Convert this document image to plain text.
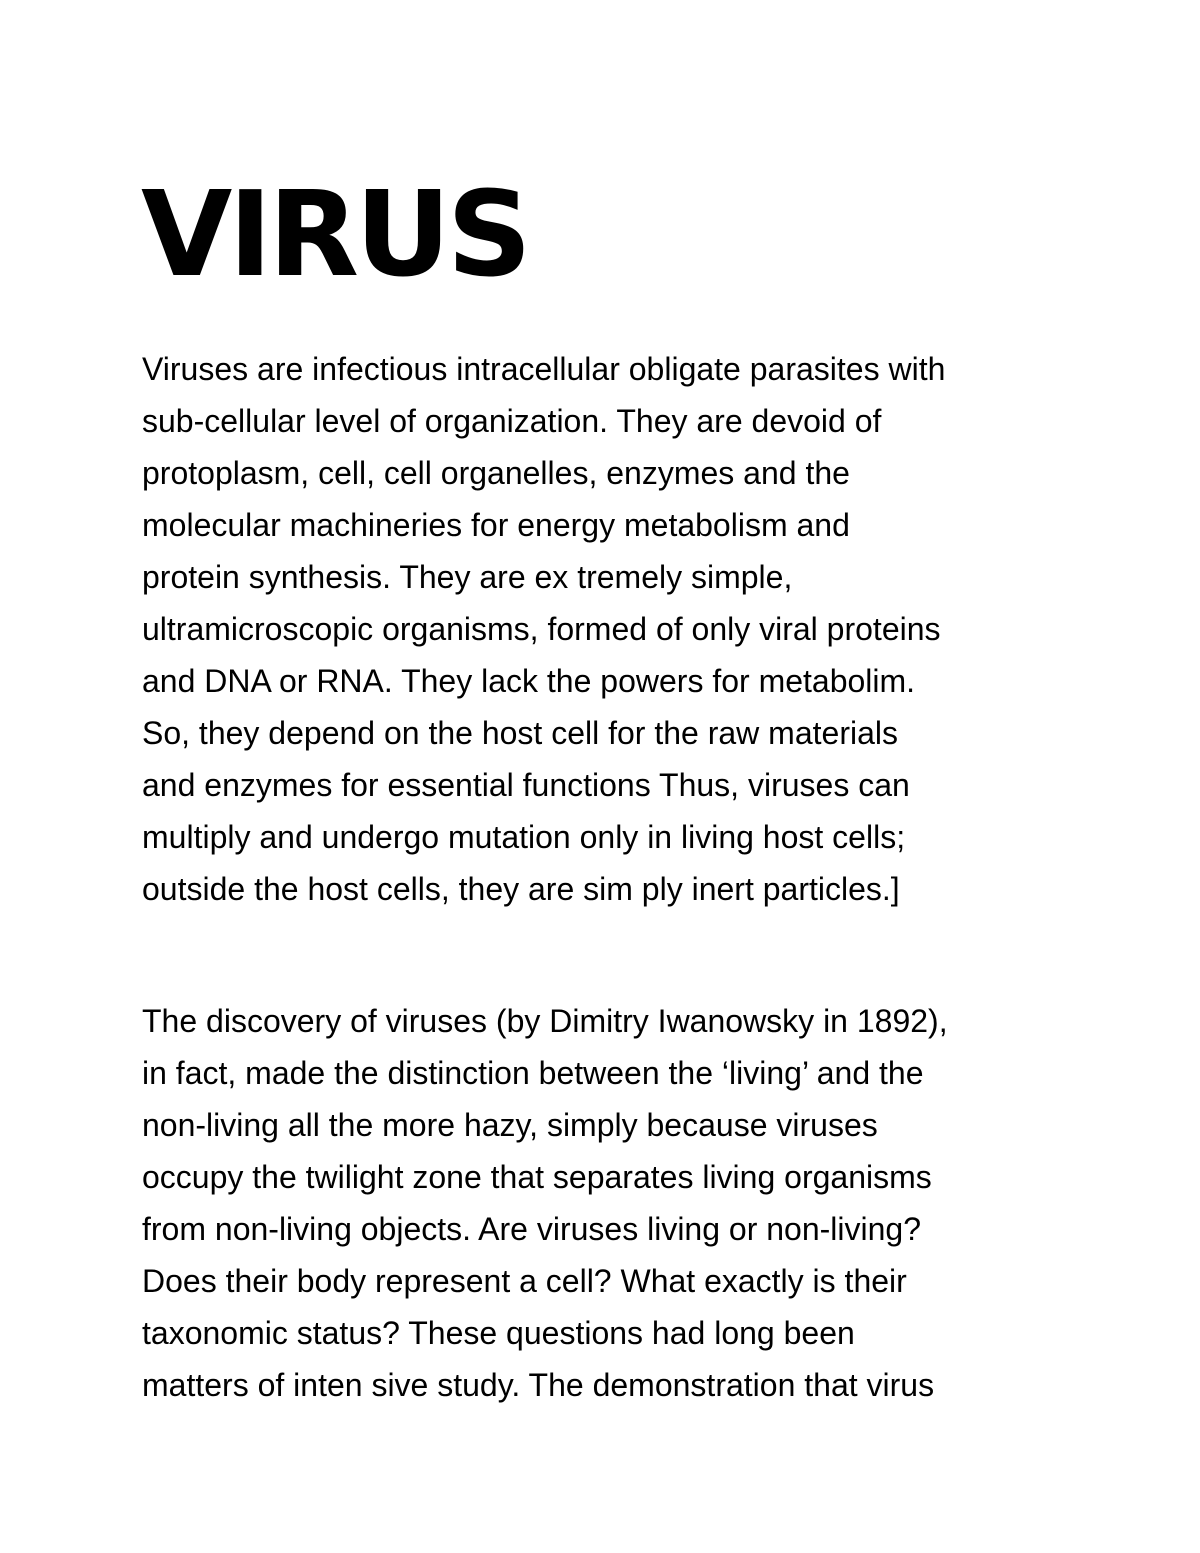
VIRUS

Viruses are infectious intracellular obligate parasites with
sub-cellular level of organization. They are devoid of
protoplasm, cell, cell organelles, enzymes and the
molecular machineries for energy metabolism and
protein synthesis. They are ex tremely simple,
ultramicroscopic organisms, formed of only viral proteins
and DNA or RNA. They lack the powers for metabolim.
So, they depend on the host cell for the raw materials
and enzymes for essential functions Thus, viruses can
multiply and undergo mutation only in living host cells;
outside the host cells, they are sim ply inert particles.]

The discovery of viruses (by Dimitry Iwanowsky in 1892),
in fact, made the distinction between the ‘living’ and the
non-living all the more hazy, simply because viruses
occupy the twilight zone that separates living organisms
from non-living objects. Are viruses living or non-living?
Does their body represent a cell? What exactly is their
taxonomic status? These questions had long been
matters of inten sive study. The demonstration that virus
